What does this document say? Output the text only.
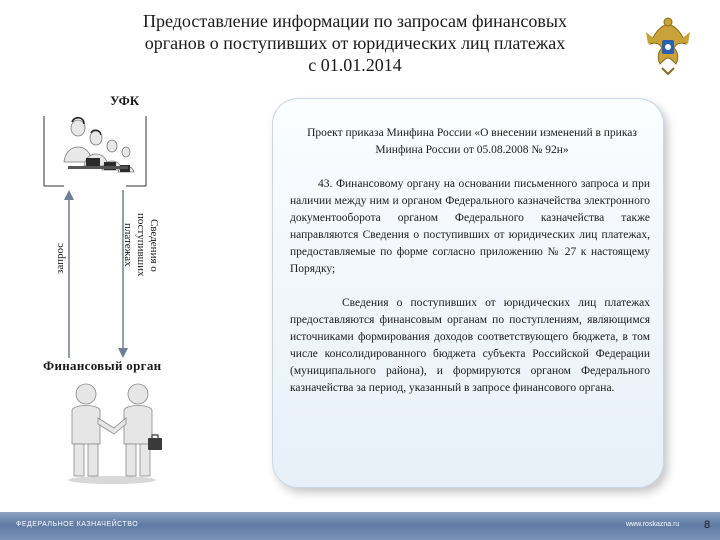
Предоставление информации по запросам финансовых
органов о поступивших от юридических лиц платежах
с 01.01.2014
УФК
запрос	Сведения о
поступивших
платежах
Финансовый орган
Проект приказа Минфина России «О внесении изменений в приказ Минфина России от 05.08.2008 № 92н»

43. Финансовому органу на основании письменного запроса и при наличии между ним и органом Федерального казначейства электронного документооборота органом Федерального казначейства также направляются Сведения о поступивших от юридических лиц платежах, предоставляемые по форме согласно приложению № 27 к настоящему Порядку;

Сведения о поступивших от юридических лиц платежах предоставляются финансовым органам по поступлениям, являющимся источниками формирования доходов соответствующего бюджета, в том числе консолидированного бюджета субъекта Российской Федерации (муниципального района), и формируются органом Федерального казначейства за период, указанный в запросе финансового органа.

ФЕДЕРАЛЬНОЕ КАЗНАЧЕЙСТВО	www.roskazna.ru 8
